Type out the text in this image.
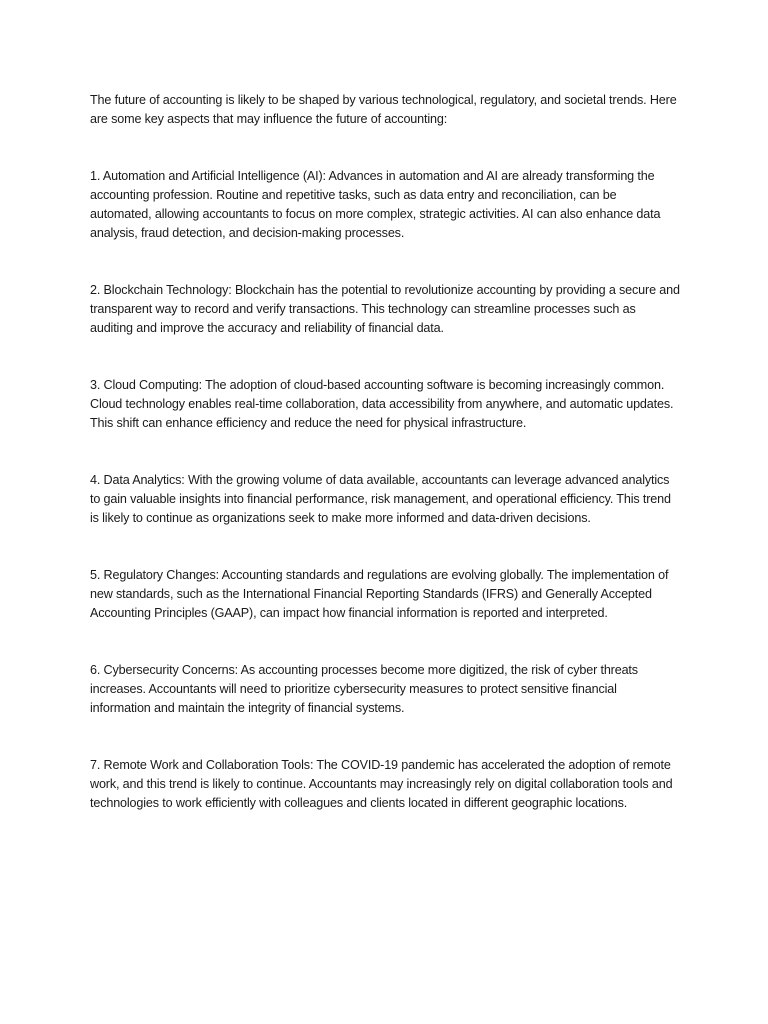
The future of accounting is likely to be shaped by various technological, regulatory, and societal trends. Here are some key aspects that may influence the future of accounting:

1. Automation and Artificial Intelligence (AI): Advances in automation and AI are already transforming the accounting profession. Routine and repetitive tasks, such as data entry and reconciliation, can be automated, allowing accountants to focus on more complex, strategic activities. AI can also enhance data analysis, fraud detection, and decision-making processes.

2. Blockchain Technology: Blockchain has the potential to revolutionize accounting by providing a secure and transparent way to record and verify transactions. This technology can streamline processes such as auditing and improve the accuracy and reliability of financial data.

3. Cloud Computing: The adoption of cloud-based accounting software is becoming increasingly common. Cloud technology enables real-time collaboration, data accessibility from anywhere, and automatic updates. This shift can enhance efficiency and reduce the need for physical infrastructure.

4. Data Analytics: With the growing volume of data available, accountants can leverage advanced analytics to gain valuable insights into financial performance, risk management, and operational efficiency. This trend is likely to continue as organizations seek to make more informed and data-driven decisions.

5. Regulatory Changes: Accounting standards and regulations are evolving globally. The implementation of new standards, such as the International Financial Reporting Standards (IFRS) and Generally Accepted Accounting Principles (GAAP), can impact how financial information is reported and interpreted.

6. Cybersecurity Concerns: As accounting processes become more digitized, the risk of cyber threats increases. Accountants will need to prioritize cybersecurity measures to protect sensitive financial information and maintain the integrity of financial systems.

7. Remote Work and Collaboration Tools: The COVID-19 pandemic has accelerated the adoption of remote work, and this trend is likely to continue. Accountants may increasingly rely on digital collaboration tools and technologies to work efficiently with colleagues and clients located in different geographic locations.
